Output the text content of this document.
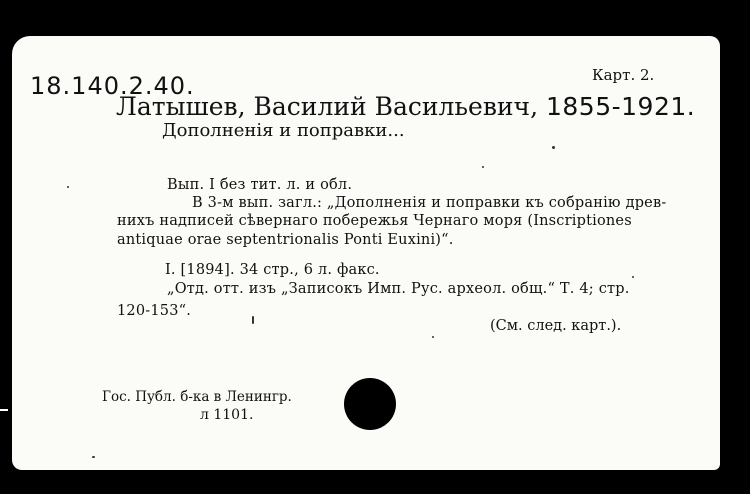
18.140.2.40.	Карт. 2.
Латышев, Василий Васильевич, 1855-1921.
Дополненія и поправки...
Вып. I без тит. л. и обл.
В 3-м вып. загл.: „Дополненія и поправки къ собранію древ-
нихъ надписей сѣвернаго побережья Чернаго моря (Inscriptiones
antiquae orae septentrionalis Ponti Euxini)“.
I. [1894]. 34 стр., 6 л. факс.
„Отд. отт. изъ „Записокъ Имп. Рус. археол. общ.“ Т. 4; стр.
120-153“.
(См. след. карт.).
Гос. Публ. б-ка в Ленингр.
л 1101.
